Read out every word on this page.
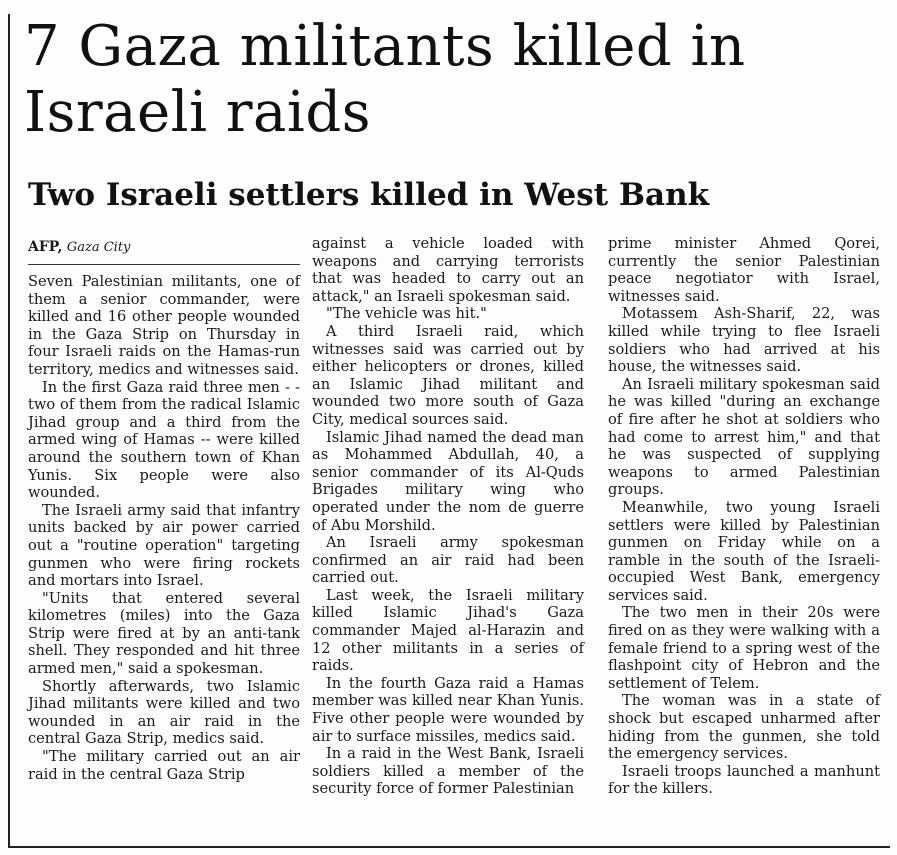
7 Gaza militants killed in Israeli raids
Two Israeli settlers killed in West Bank
AFP, Gaza City

Seven Palestinian militants, one of them a senior commander, were killed and 16 other people wounded in the Gaza Strip on Thursday in four Israeli raids on the Hamas-run territory, medics and witnesses said.

In the first Gaza raid three men - - two of them from the radical Islamic Jihad group and a third from the armed wing of Hamas -- were killed around the southern town of Khan Yunis. Six people were also wounded.

The Israeli army said that infantry units backed by air power carried out a "routine operation" targeting gunmen who were firing rockets and mortars into Israel.

"Units that entered several kilometres (miles) into the Gaza Strip were fired at by an anti-tank shell. They responded and hit three armed men," said a spokesman.

Shortly afterwards, two Islamic Jihad militants were killed and two wounded in an air raid in the central Gaza Strip, medics said.

"The military carried out an air raid in the central Gaza Strip

against a vehicle loaded with weapons and carrying terrorists that was headed to carry out an attack," an Israeli spokesman said.

"The vehicle was hit."

A third Israeli raid, which witnesses said was carried out by either helicopters or drones, killed an Islamic Jihad militant and wounded two more south of Gaza City, medical sources said.

Islamic Jihad named the dead man as Mohammed Abdullah, 40, a senior commander of its Al-Quds Brigades military wing who operated under the nom de guerre of Abu Morshild.

An Israeli army spokesman confirmed an air raid had been carried out.

Last week, the Israeli military killed Islamic Jihad's Gaza commander Majed al-Harazin and 12 other militants in a series of raids.

In the fourth Gaza raid a Hamas member was killed near Khan Yunis. Five other people were wounded by air to surface missiles, medics said.

In a raid in the West Bank, Israeli soldiers killed a member of the security force of former Palestinian

prime minister Ahmed Qorei, currently the senior Palestinian peace negotiator with Israel, witnesses said.

Motassem Ash-Sharif, 22, was killed while trying to flee Israeli soldiers who had arrived at his house, the witnesses said.

An Israeli military spokesman said he was killed "during an exchange of fire after he shot at soldiers who had come to arrest him," and that he was suspected of supplying weapons to armed Palestinian groups.

Meanwhile, two young Israeli settlers were killed by Palestinian gunmen on Friday while on a ramble in the south of the Israeli-occupied West Bank, emergency services said.

The two men in their 20s were fired on as they were walking with a female friend to a spring west of the flashpoint city of Hebron and the settlement of Telem.

The woman was in a state of shock but escaped unharmed after hiding from the gunmen, she told the emergency services.

Israeli troops launched a manhunt for the killers.
